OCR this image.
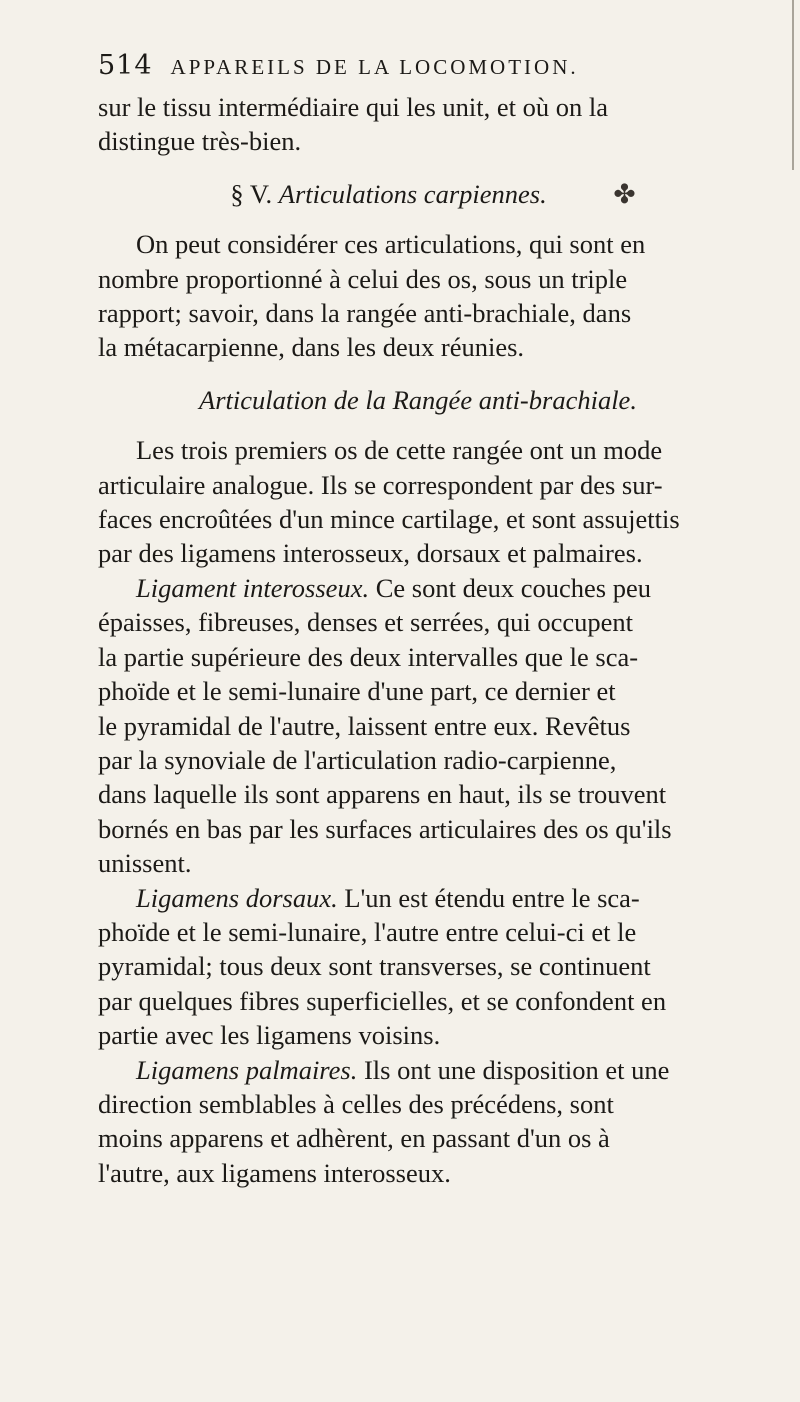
514 APPAREILS DE LA LOCOMOTION.

sur le tissu intermédiaire qui les unit, et où on la
distingue très-bien.

§ V. Articulations carpiennes.	✤

On peut considérer ces articulations, qui sont en
nombre proportionné à celui des os, sous un triple
rapport; savoir, dans la rangée anti-brachiale, dans
la métacarpienne, dans les deux réunies.

Articulation de la Rangée anti-brachiale.

Les trois premiers os de cette rangée ont un mode
articulaire analogue. Ils se correspondent par des sur-
faces encroûtées d'un mince cartilage, et sont assujettis
par des ligamens interosseux, dorsaux et palmaires.

Ligament interosseux. Ce sont deux couches peu
épaisses, fibreuses, denses et serrées, qui occupent
la partie supérieure des deux intervalles que le sca-
phoïde et le semi-lunaire d'une part, ce dernier et
le pyramidal de l'autre, laissent entre eux. Revêtus
par la synoviale de l'articulation radio-carpienne,
dans laquelle ils sont apparens en haut, ils se trouvent
bornés en bas par les surfaces articulaires des os qu'ils
unissent.

Ligamens dorsaux. L'un est étendu entre le sca-
phoïde et le semi-lunaire, l'autre entre celui-ci et le
pyramidal; tous deux sont transverses, se continuent
par quelques fibres superficielles, et se confondent en
partie avec les ligamens voisins.

Ligamens palmaires. Ils ont une disposition et une
direction semblables à celles des précédens, sont
moins apparens et adhèrent, en passant d'un os à
l'autre, aux ligamens interosseux.
